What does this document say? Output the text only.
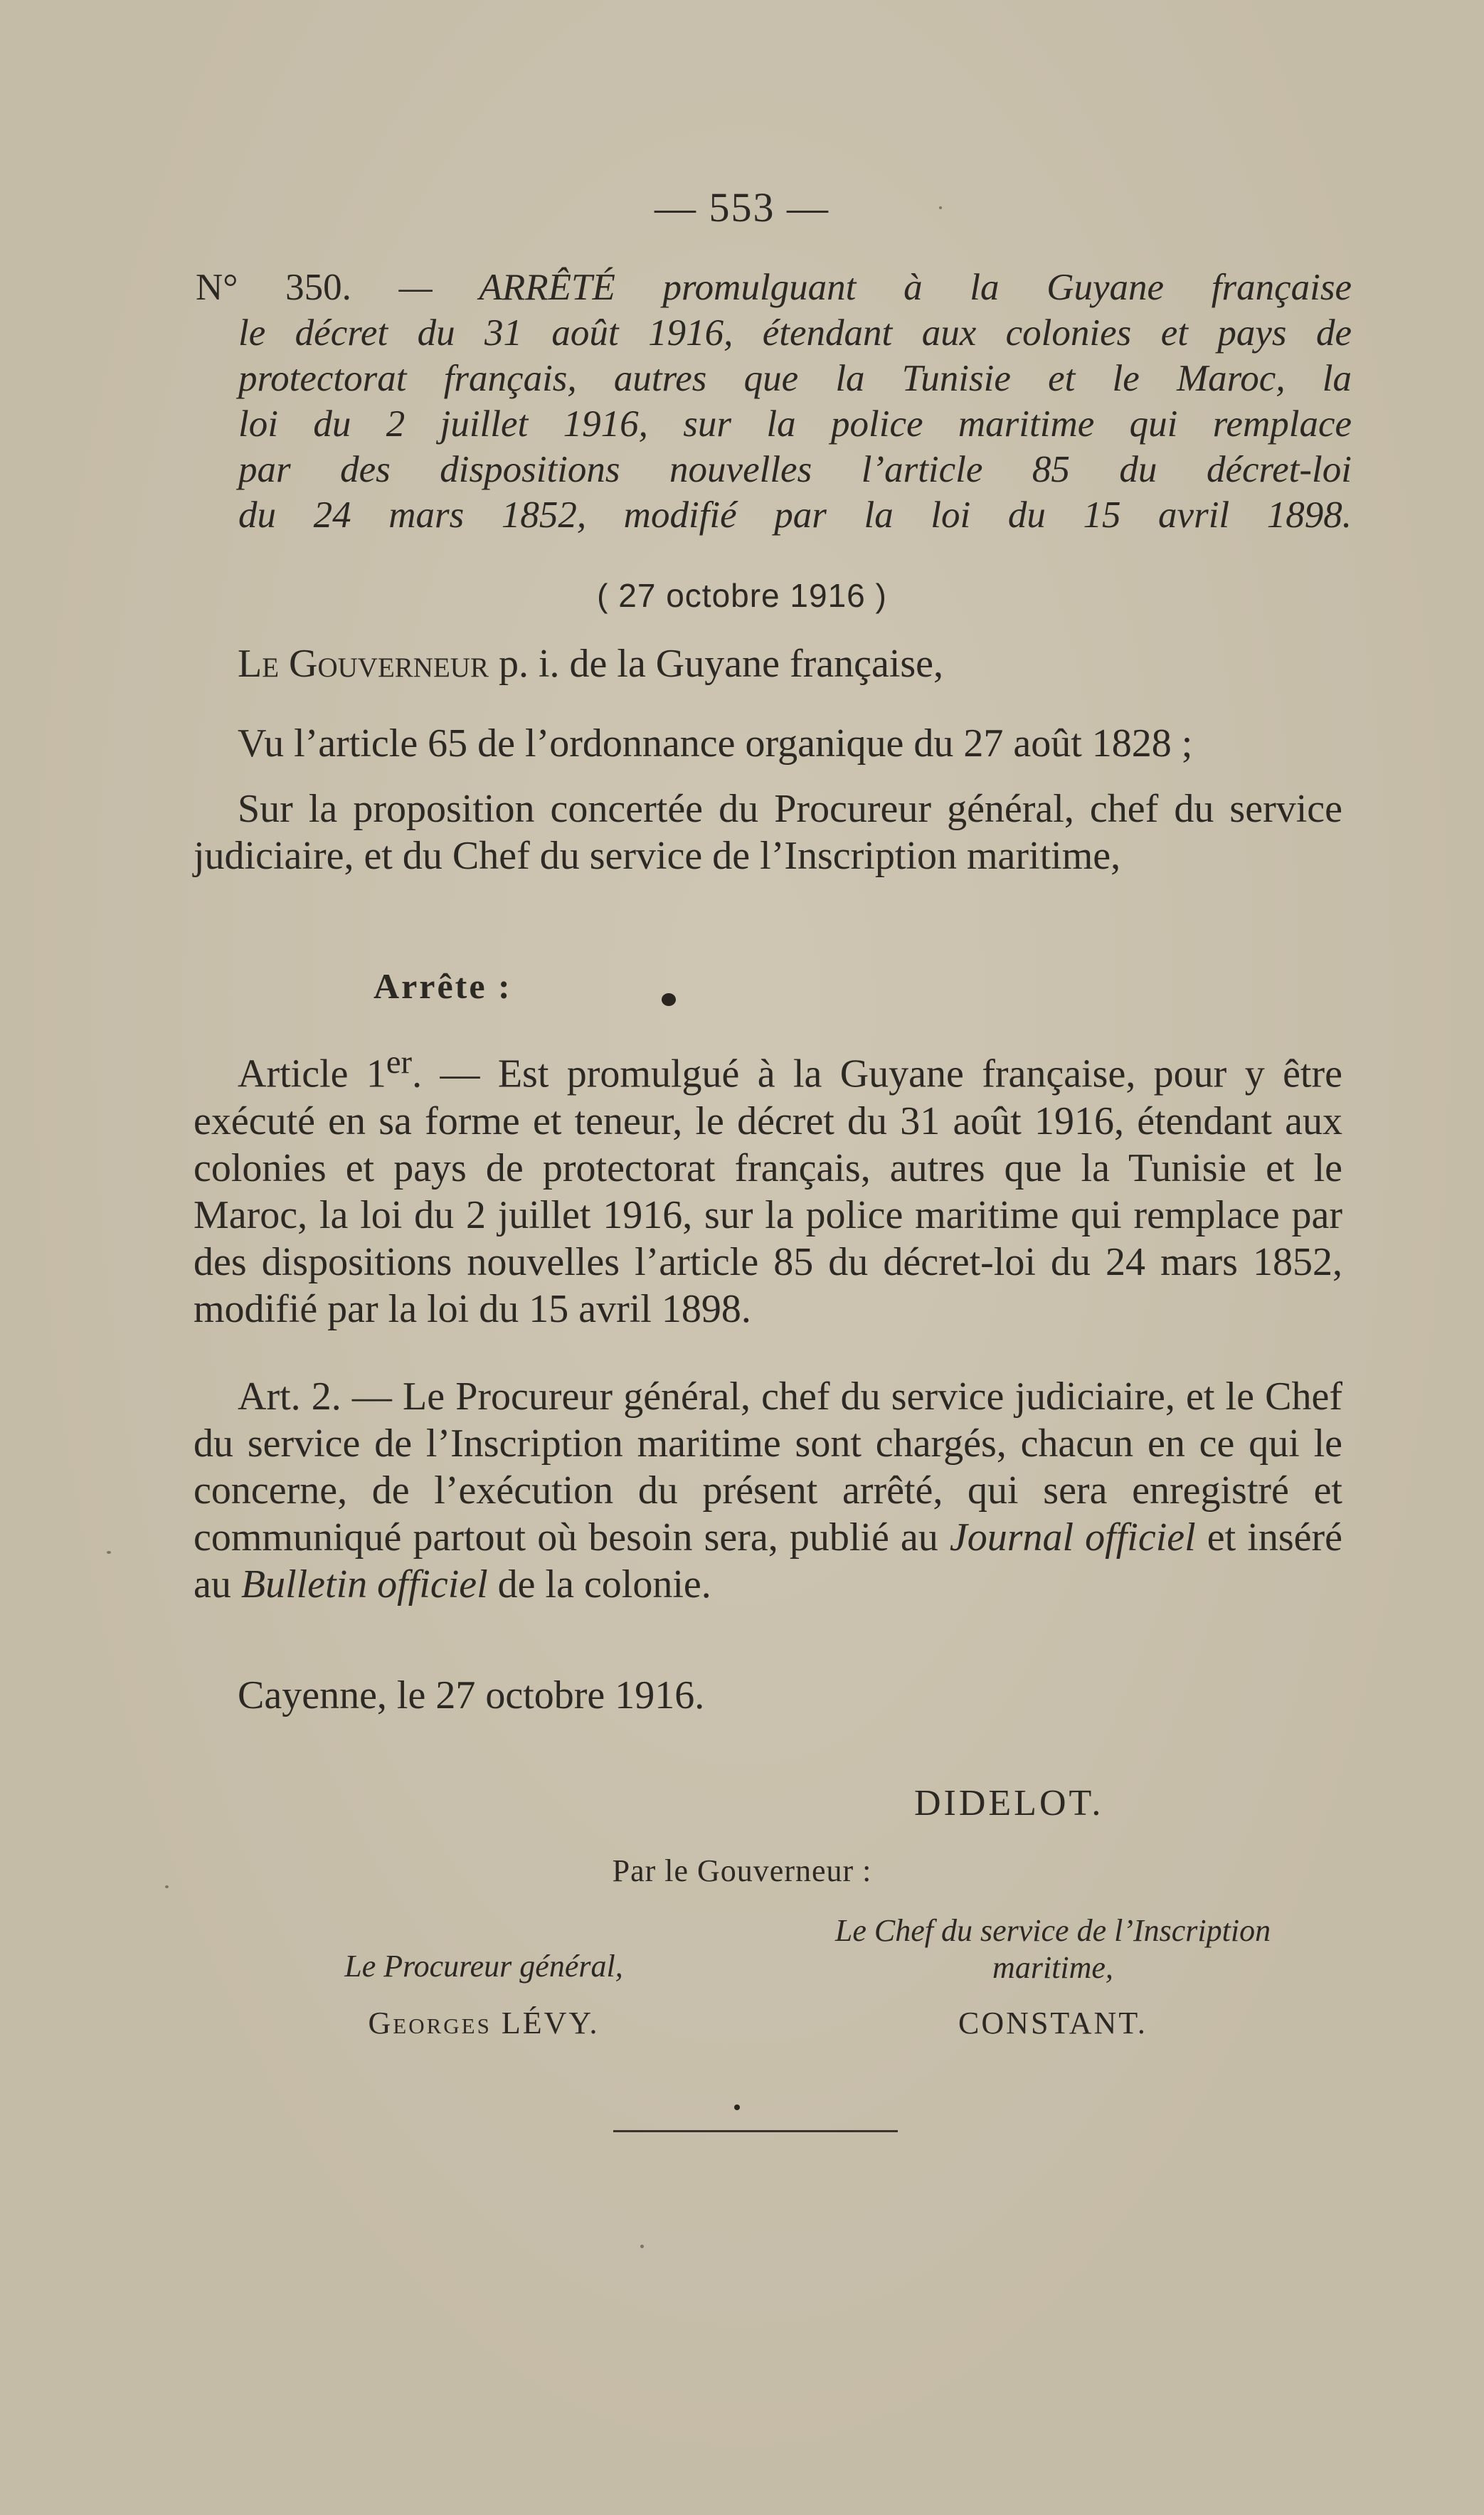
— 553 —
N° 350. — ARRÊTÉ promulguant à la Guyane française
le décret du 31 août 1916, étendant aux colonies et pays de
protectorat français, autres que la Tunisie et le Maroc, la
loi du 2 juillet 1916, sur la police maritime qui remplace
par des dispositions nouvelles l’article 85 du décret-loi
du 24 mars 1852, modifié par la loi du 15 avril 1898.
( 27 octobre 1916 )

Le Gouverneur p. i. de la Guyane française,

Vu l’article 65 de l’ordonnance organique du 27 août 1828 ;

Sur la proposition concertée du Procureur général, chef du service judiciaire, et du Chef du service de l’Inscription maritime,

Arrête :

Article 1er. — Est promulgué à la Guyane française, pour y être exécuté en sa forme et teneur, le décret du 31 août 1916, étendant aux colonies et pays de protectorat français, autres que la Tunisie et le Maroc, la loi du 2 juillet 1916, sur la police maritime qui remplace par des dispositions nouvelles l’article 85 du décret-loi du 24 mars 1852, modifié par la loi du 15 avril 1898.

Art. 2. — Le Procureur général, chef du service judiciaire, et le Chef du service de l’Inscription maritime sont chargés, chacun en ce qui le concerne, de l’exécution du présent arrêté, qui sera enregistré et communiqué partout où besoin sera, publié au Journal officiel et inséré au Bulletin officiel de la colonie.

Cayenne, le 27 octobre 1916.

DIDELOT.
Par le Gouverneur :
Le Procureur général,
Georges LÉVY.
Le Chef du service de l’Inscription
maritime,
CONSTANT.
